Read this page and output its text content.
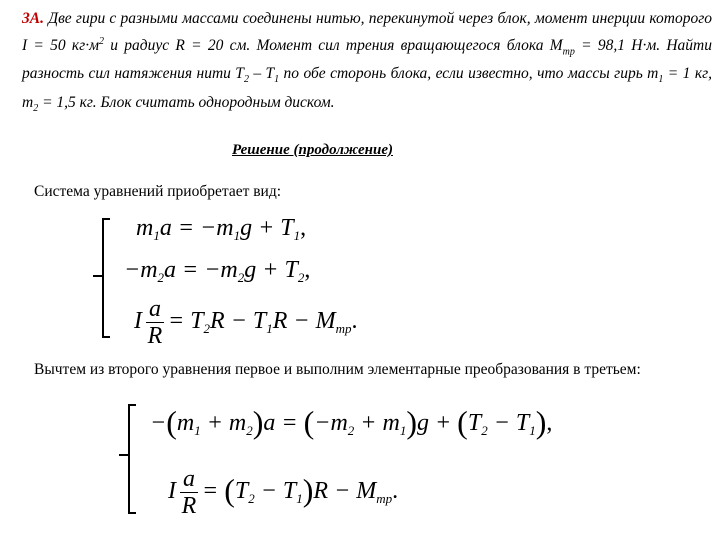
3A. Две гири с разными массами соединены нитью, перекинутой через блок, момент инерции которого I = 50 $кг\cdot м^2$ и радиус R = 20 см. Момент сил трения вращающегося блока $M_{тр} = 98,1$ Н·м. Найти разность сил натяжения нити $T_2 - T_1$ по обе сторонь блока, если известно, что массы гирь $m_1 = 1$ кг, $m_2 = 1,5$ кг. Блок считать однородным диском.
Решение (продолжение)
Система уравнений приобретает вид:
$m_1a = -m_1g + T_1$,
$-m_2a = -m_2g + T_2$,
I $\frac{a}{R} = T_2R - T_1R - M_{тр}$.
Вычтем из второго уравнения первое и выполним элементарные преобразования в третьем:
$-(m_1 + m_2)a = (-m_2 + m_1)g + (T_2 - T_1)$,
I $\frac{a}{R} = (T_2 - T_1)R - M_{тр}$.
